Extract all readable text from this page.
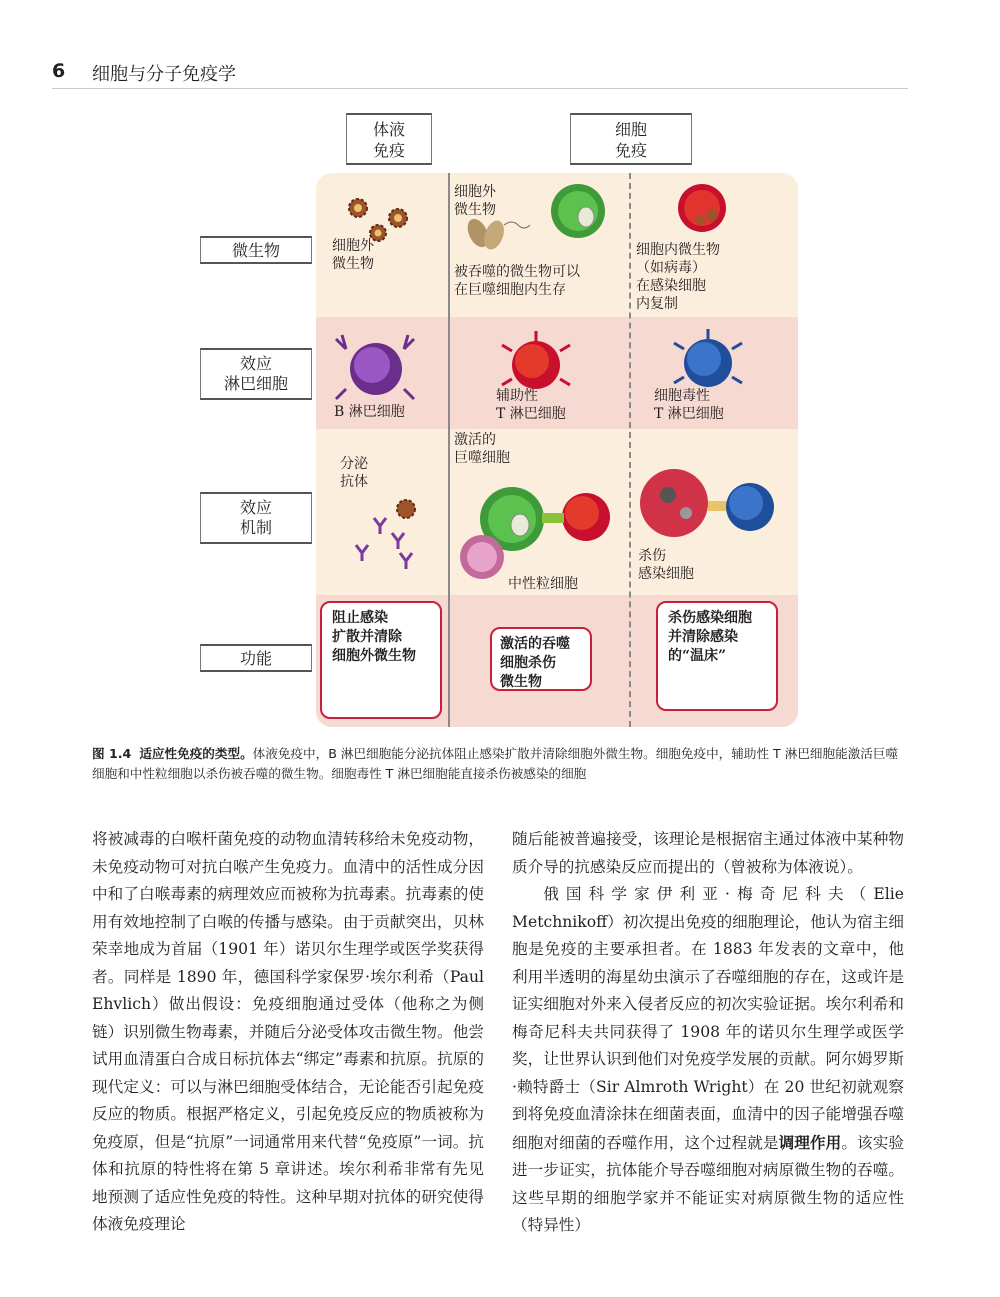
6 细胞与分子免疫学
体液
免疫
细胞
免疫
微生物
效应
淋巴细胞
效应
机制
功能
细胞外
微生物
细胞外
微生物
被吞噬的微生物可以
在巨噬细胞内生存
细胞内微生物
（如病毒）
在感染细胞
内复制
B 淋巴细胞
辅助性
T 淋巴细胞
细胞毒性
T 淋巴细胞
分泌
抗体
激活的
巨噬细胞
中性粒细胞
杀伤
感染细胞
阻止感染
扩散并清除
细胞外微生物
激活的吞噬
细胞杀伤
微生物
杀伤感染细胞
并清除感染
的“温床”
图 1.4 适应性免疫的类型。体液免疫中，B 淋巴细胞能分泌抗体阻止感染扩散并清除细胞外微生物。细胞免疫中，辅助性 T 淋巴细胞能激活巨噬细胞和中性粒细胞以杀伤被吞噬的微生物。细胞毒性 T 淋巴细胞能直接杀伤被感染的细胞

将被减毒的白喉杆菌免疫的动物血清转移给未免疫动物，未免疫动物可对抗白喉产生免疫力。血清中的活性成分因中和了白喉毒素的病理效应而被称为抗毒素。抗毒素的使用有效地控制了白喉的传播与感染。由于贡献突出，贝林荣幸地成为首届（1901 年）诺贝尔生理学或医学奖获得者。同样是 1890 年，德国科学家保罗·埃尔利希（Paul Ehvlich）做出假设：免疫细胞通过受体（他称之为侧链）识别微生物毒素，并随后分泌受体攻击微生物。他尝试用血清蛋白合成日标抗体去“绑定”毒素和抗原。抗原的现代定义：可以与淋巴细胞受体结合，无论能否引起免疫反应的物质。根据严格定义，引起免疫反应的物质被称为免疫原，但是“抗原”一词通常用来代替“免疫原”一词。抗体和抗原的特性将在第 5 章讲述。埃尔利希非常有先见地预测了适应性免疫的特性。这种早期对抗体的研究使得体液免疫理论

随后能被普遍接受，该理论是根据宿主通过体液中某种物质介导的抗感染反应而提出的（曾被称为体液说）。

俄国科学家伊利亚·梅奇尼科夫（Elie Metchnikoff）初次提出免疫的细胞理论，他认为宿主细胞是免疫的主要承担者。在 1883 年发表的文章中，他利用半透明的海星幼虫演示了吞噬细胞的存在，这或许是证实细胞对外来入侵者反应的初次实验证据。埃尔利希和梅奇尼科夫共同获得了 1908 年的诺贝尔生理学或医学奖，让世界认识到他们对免疫学发展的贡献。阿尔姆罗斯·赖特爵士（Sir Almroth Wright）在 20 世纪初就观察到将免疫血清涂抹在细菌表面，血清中的因子能增强吞噬细胞对细菌的吞噬作用，这个过程就是调理作用。该实验进一步证实，抗体能介导吞噬细胞对病原微生物的吞噬。这些早期的细胞学家并不能证实对病原微生物的适应性（特异性）
